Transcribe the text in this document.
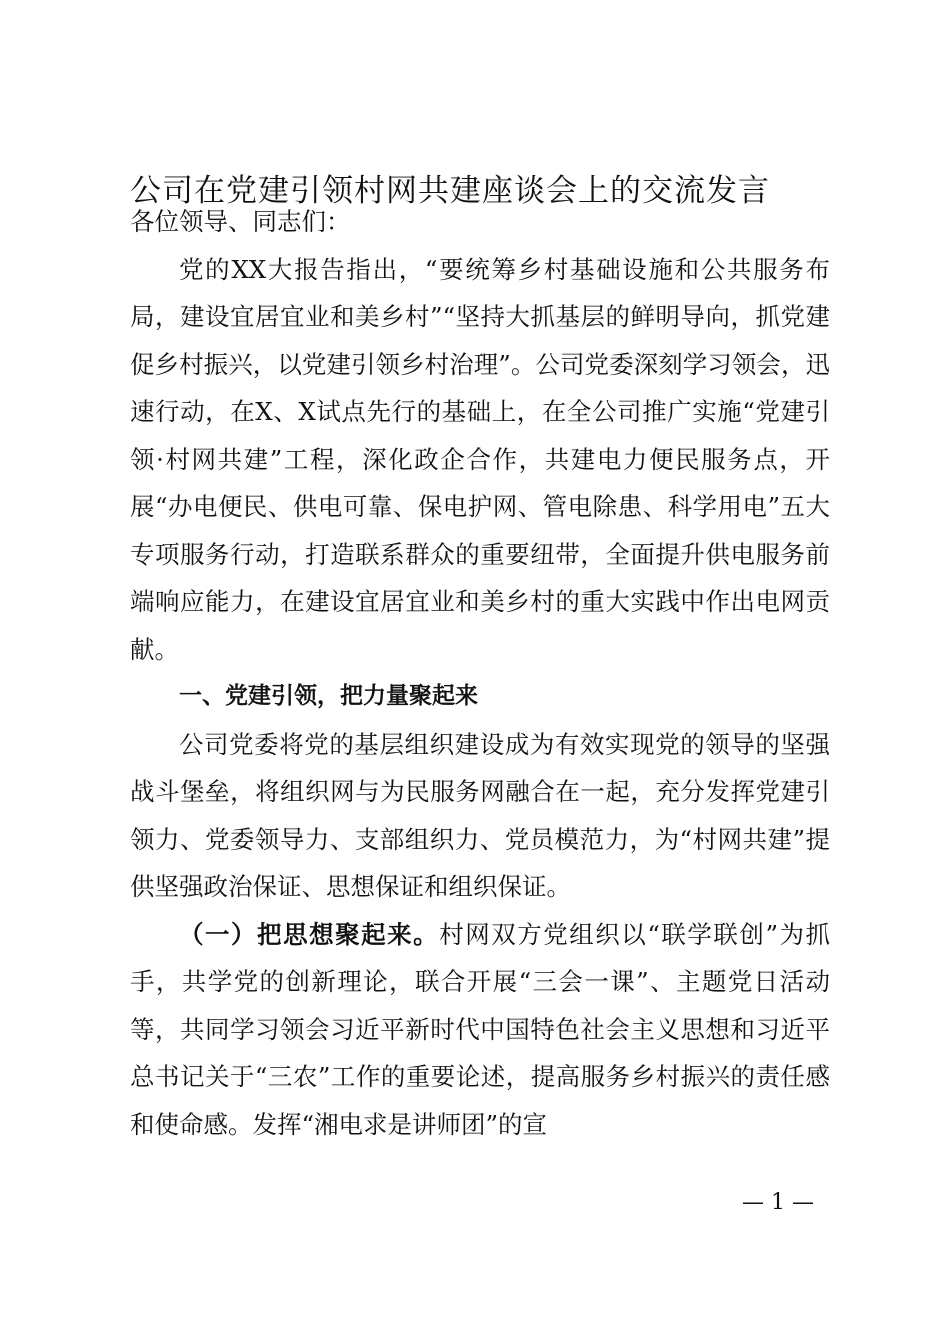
公司在党建引领村网共建座谈会上的交流发言

各位领导、同志们：

党的XX大报告指出，“要统筹乡村基础设施和公共服务布局，建设宜居宜业和美乡村”“坚持大抓基层的鲜明导向，抓党建促乡村振兴，以党建引领乡村治理”。公司党委深刻学习领会，迅速行动，在X、X试点先行的基础上，在全公司推广实施“党建引领·村网共建”工程，深化政企合作，共建电力便民服务点，开展“办电便民、供电可靠、保电护网、管电除患、科学用电”五大专项服务行动，打造联系群众的重要纽带，全面提升供电服务前端响应能力，在建设宜居宜业和美乡村的重大实践中作出电网贡献。

一、党建引领，把力量聚起来

公司党委将党的基层组织建设成为有效实现党的领导的坚强战斗堡垒，将组织网与为民服务网融合在一起，充分发挥党建引领力、党委领导力、支部组织力、党员模范力，为“村网共建”提供坚强政治保证、思想保证和组织保证。

（一）把思想聚起来。村网双方党组织以“联学联创”为抓手，共学党的创新理论，联合开展“三会一课”、主题党日活动等，共同学习领会习近平新时代中国特色社会主义思想和习近平总书记关于“三农”工作的重要论述，提高服务乡村振兴的责任感和使命感。发挥“湘电求是讲师团”的宣

— 1 —
